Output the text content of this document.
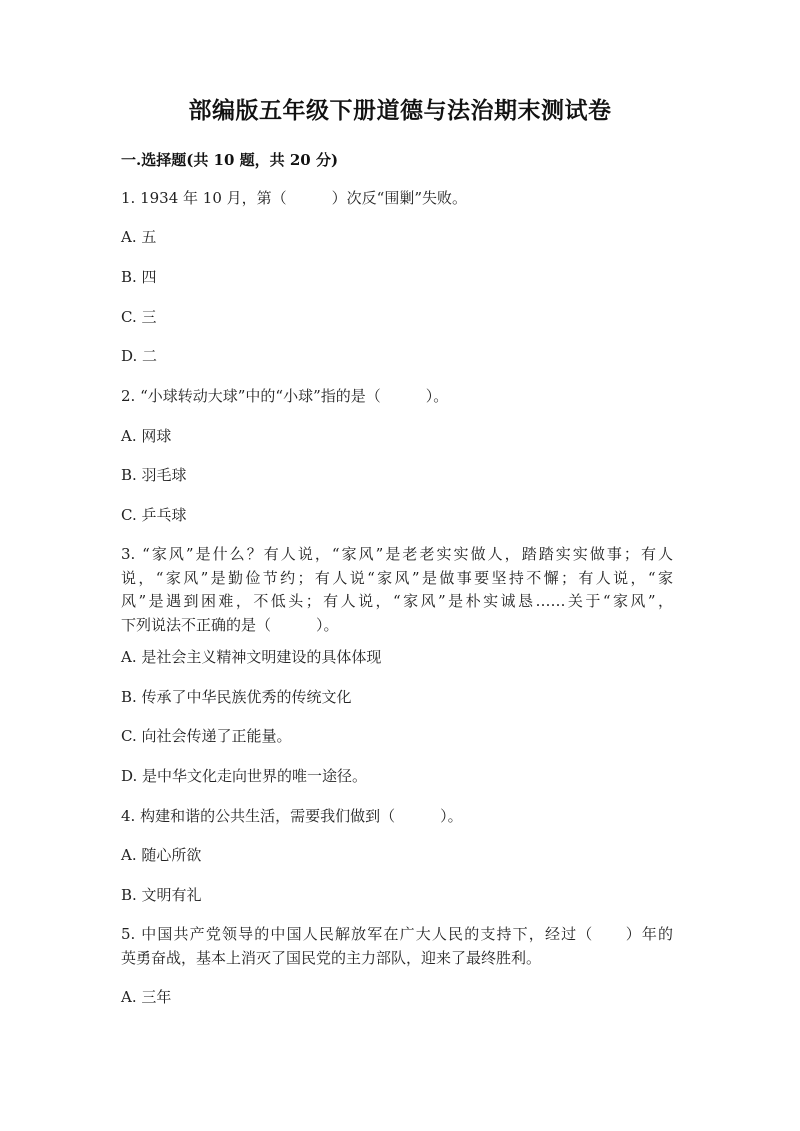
部编版五年级下册道德与法治期末测试卷
一.选择题(共 10 题，共 20 分)
1. 1934 年 10 月，第（　　　）次反“围剿”失败。
A. 五
B. 四
C. 三
D. 二
2. “小球转动大球”中的“小球”指的是（　　　）。
A. 网球
B. 羽毛球
C. 乒乓球
3. “家风”是什么？有人说，“家风”是老老实实做人，踏踏实实做事；有人
说，“家风”是勤俭节约；有人说“家风”是做事要坚持不懈；有人说，“家
风”是遇到困难，不低头；有人说，“家风”是朴实诚恳……关于“家风”，
下列说法不正确的是（　　　）。
A. 是社会主义精神文明建设的具体体现
B. 传承了中华民族优秀的传统文化
C. 向社会传递了正能量。
D. 是中华文化走向世界的唯一途径。
4. 构建和谐的公共生活，需要我们做到（　　　）。
A. 随心所欲
B. 文明有礼
5. 中国共产党领导的中国人民解放军在广大人民的支持下，经过（　　）年的
英勇奋战，基本上消灭了国民党的主力部队，迎来了最终胜利。
A. 三年
